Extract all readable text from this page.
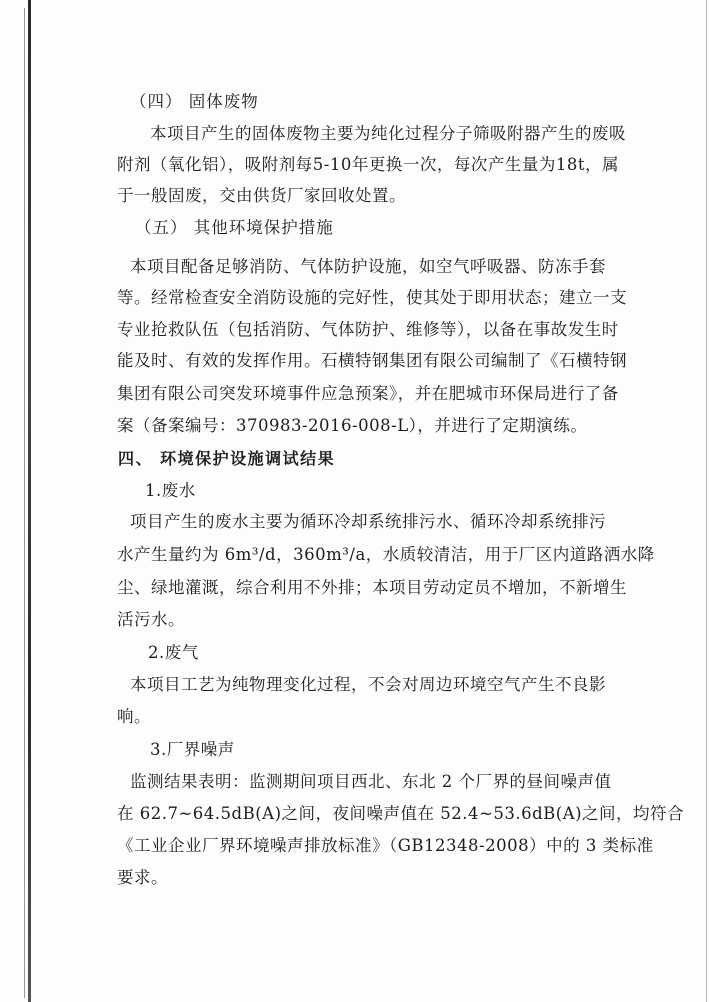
（四） 固体废物
本项目产生的固体废物主要为纯化过程分子筛吸附器产生的废吸
附剂（氧化铝），吸附剂每5-10年更换一次，每次产生量为18t，属
于一般固废，交由供货厂家回收处置。
（五） 其他环境保护措施
本项目配备足够消防、气体防护设施，如空气呼吸器、防冻手套
等。经常检查安全消防设施的完好性，使其处于即用状态；建立一支
专业抢救队伍（包括消防、气体防护、维修等），以备在事故发生时
能及时、有效的发挥作用。石横特钢集团有限公司编制了《石横特钢
集团有限公司突发环境事件应急预案》，并在肥城市环保局进行了备
案（备案编号：370983-2016-008-L），并进行了定期演练。
四、 环境保护设施调试结果
1.废水
项目产生的废水主要为循环冷却系统排污水、循环冷却系统排污
水产生量约为 6m³/d，360m³/a，水质较清洁，用于厂区内道路洒水降
尘、绿地灌溉，综合利用不外排；本项目劳动定员不增加，不新增生
活污水。
2.废气
本项目工艺为纯物理变化过程，不会对周边环境空气产生不良影
响。
3.厂界噪声
监测结果表明：监测期间项目西北、东北 2 个厂界的昼间噪声值
在 62.7~64.5dB(A)之间，夜间噪声值在 52.4~53.6dB(A)之间，均符合
《工业企业厂界环境噪声排放标准》（GB12348-2008）中的 3 类标准
要求。
